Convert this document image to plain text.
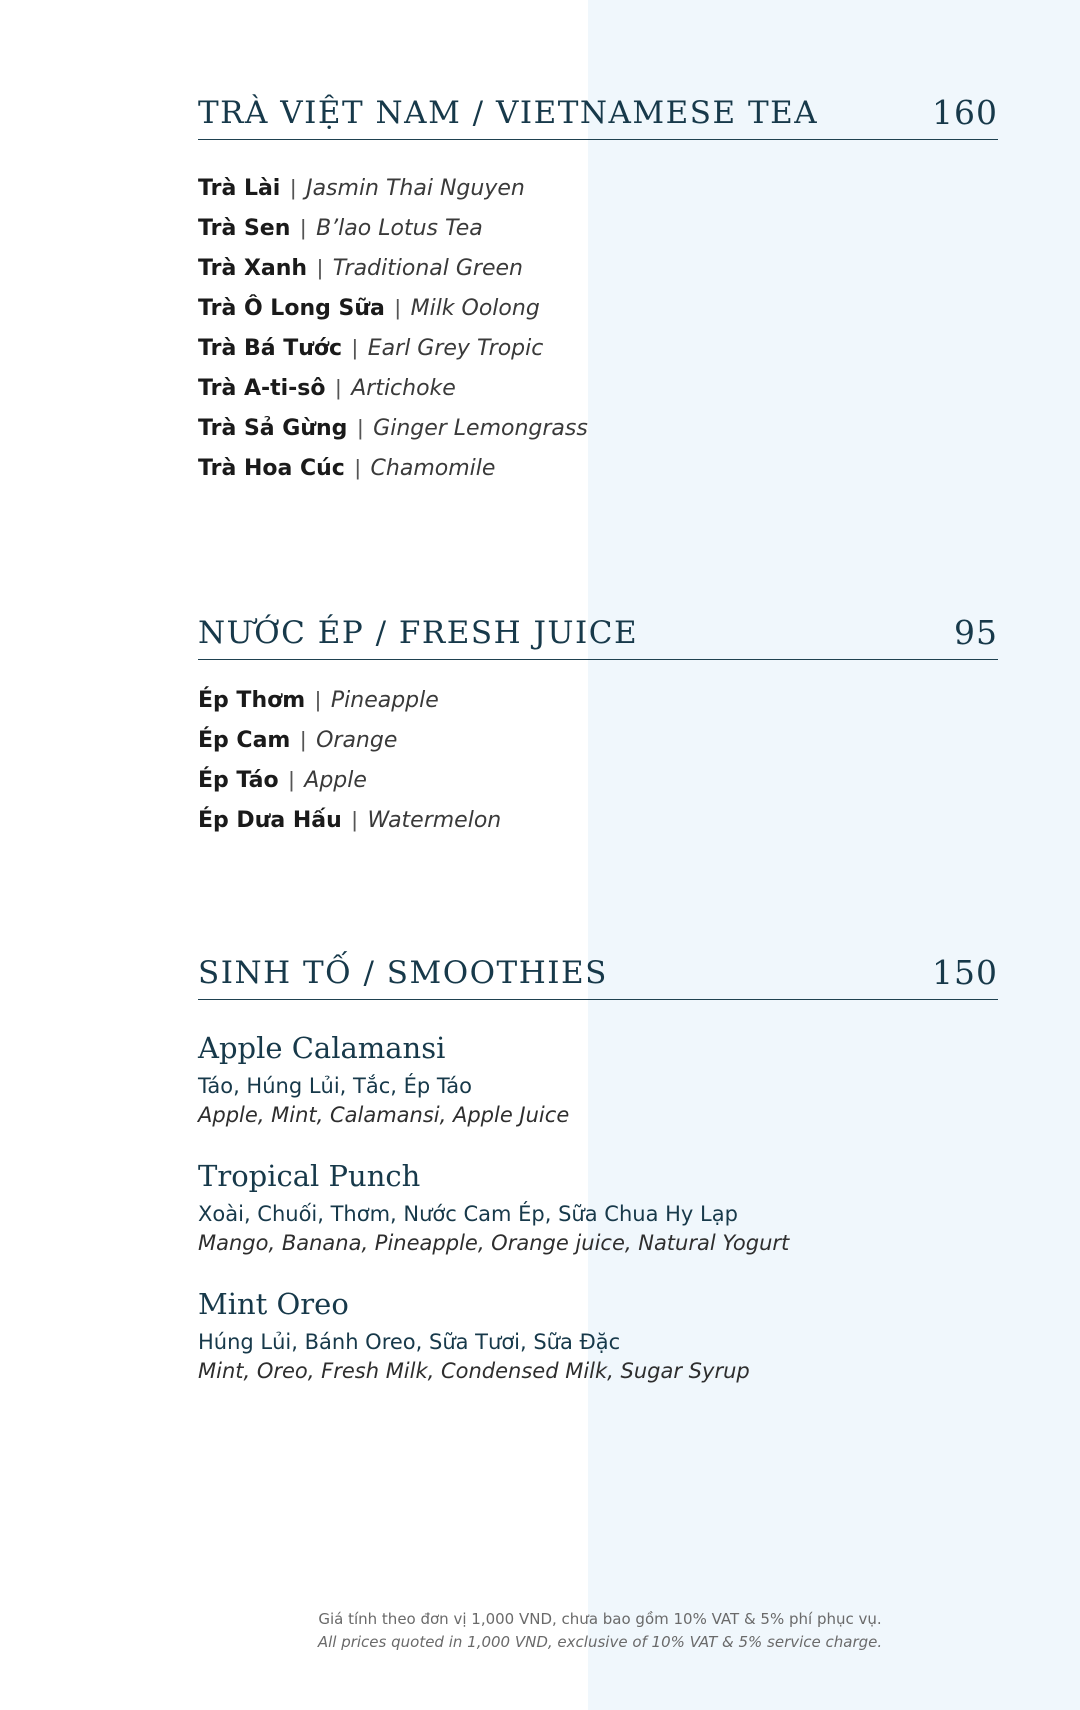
TRÀ VIỆT NAM / VIETNAMESE TEA	160
Trà Lài | Jasmin Thai Nguyen
Trà Sen | B’lao Lotus Tea
Trà Xanh | Traditional Green
Trà Ô Long Sữa | Milk Oolong
Trà Bá Tước | Earl Grey Tropic
Trà A-ti-sô | Artichoke
Trà Sả Gừng | Ginger Lemongrass
Trà Hoa Cúc | Chamomile
NƯỚC ÉP / FRESH JUICE	95
Ép Thơm | Pineapple
Ép Cam | Orange
Ép Táo | Apple
Ép Dưa Hấu | Watermelon
SINH TỐ / SMOOTHIES	150
Apple Calamansi
Táo, Húng Lủi, Tắc, Ép Táo
Apple, Mint, Calamansi, Apple Juice
Tropical Punch
Xoài, Chuối, Thơm, Nước Cam Ép, Sữa Chua Hy Lạp
Mango, Banana, Pineapple, Orange juice, Natural Yogurt
Mint Oreo
Húng Lủi, Bánh Oreo, Sữa Tươi, Sữa Đặc
Mint, Oreo, Fresh Milk, Condensed Milk, Sugar Syrup
Giá tính theo đơn vị 1,000 VND, chưa bao gồm 10% VAT & 5% phí phục vụ.
All prices quoted in 1,000 VND, exclusive of 10% VAT & 5% service charge.
